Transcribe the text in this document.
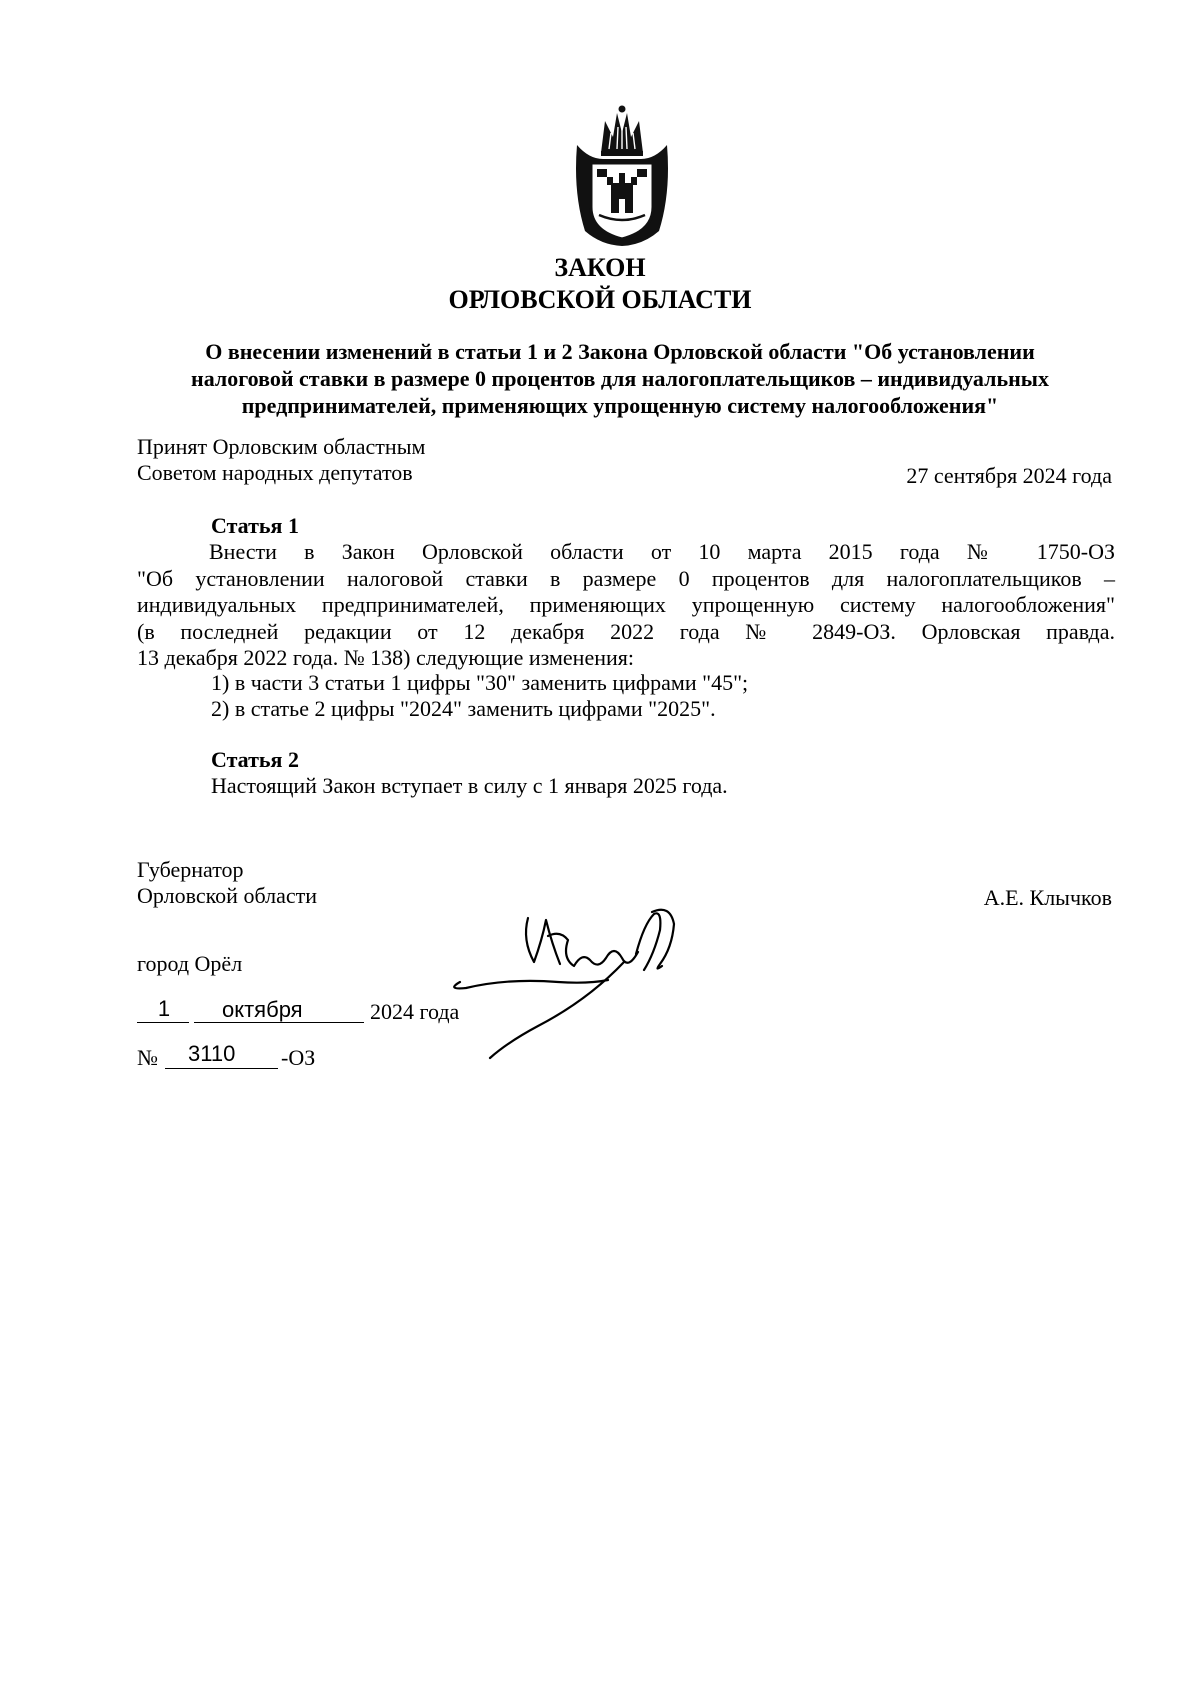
ЗАКОН
ОРЛОВСКОЙ ОБЛАСТИ
О внесении изменений в статьи 1 и 2 Закона Орловской области "Об установлении
налоговой ставки в размере 0 процентов для налогоплательщиков – индивидуальных
предпринимателей, применяющих упрощенную систему налогообложения"
Принят Орловским областным
Советом народных депутатов	27 сентября 2024 года
Статья 1
Внести в Закон Орловской области от 10 марта 2015 года № 1750-ОЗ
"Об установлении налоговой ставки в размере 0 процентов для налогоплательщиков –
индивидуальных предпринимателей, применяющих упрощенную систему налогообложения"
(в последней редакции от 12 декабря 2022 года № 2849-ОЗ. Орловская правда.
13 декабря 2022 года. № 138) следующие изменения:
1) в части 3 статьи 1 цифры "30" заменить цифрами "45";
2) в статье 2 цифры "2024" заменить цифрами "2025".
Статья 2
Настоящий Закон вступает в силу с 1 января 2025 года.
Губернатор
Орловской области	А.Е. Клычков
город Орёл
1	октября	2024 года
№ 3110 -ОЗ
